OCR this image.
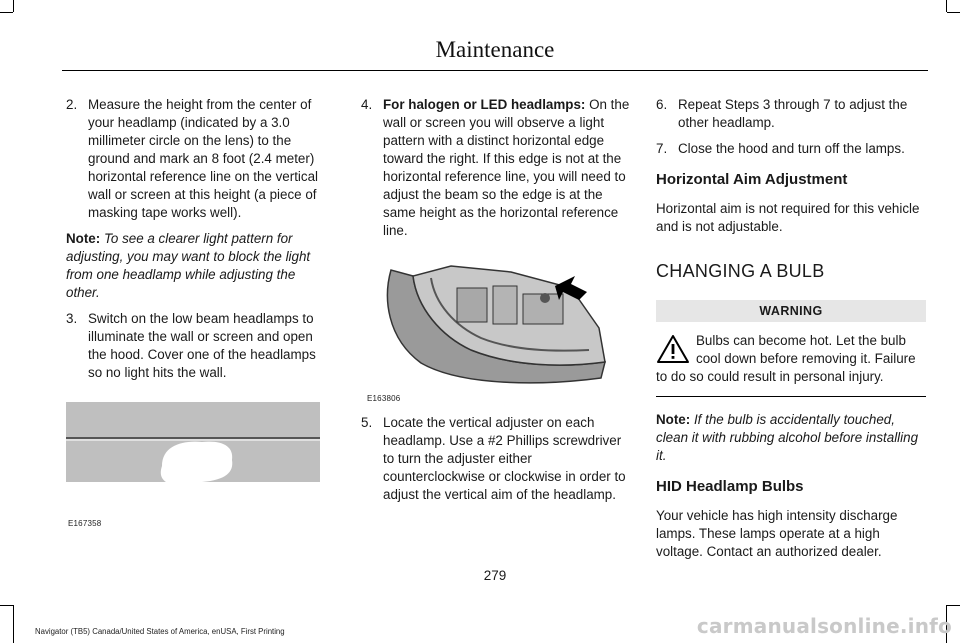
Maintenance
2. Measure the height from the center of your headlamp (indicated by a 3.0 millimeter circle on the lens) to the ground and mark an 8 foot (2.4 meter) horizontal reference line on the vertical wall or screen at this height (a piece of masking tape works well).

Note: To see a clearer light pattern for adjusting, you may want to block the light from one headlamp while adjusting the other.

3. Switch on the low beam headlamps to illuminate the wall or screen and open the hood. Cover one of the headlamps so no light hits the wall.
E167358
4. For halogen or LED headlamps: On the wall or screen you will observe a light pattern with a distinct horizontal edge toward the right. If this edge is not at the horizontal reference line, you will need to adjust the beam so the edge is at the same height as the horizontal reference line.
E163806
5. Locate the vertical adjuster on each headlamp. Use a #2 Phillips screwdriver to turn the adjuster either counterclockwise or clockwise in order to adjust the vertical aim of the headlamp.
6. Repeat Steps 3 through 7 to adjust the other headlamp.
7. Close the hood and turn off the lamps.
Horizontal Aim Adjustment

Horizontal aim is not required for this vehicle and is not adjustable.

CHANGING A BULB
WARNING
Bulbs can become hot. Let the bulb cool down before removing it. Failure to do so could result in personal injury.

Note: If the bulb is accidentally touched, clean it with rubbing alcohol before installing it.

HID Headlamp Bulbs

Your vehicle has high intensity discharge lamps. These lamps operate at a high voltage. Contact an authorized dealer.

279
Navigator (TB5) Canada/United States of America, enUSA, First Printing	carmanualsonline.info
